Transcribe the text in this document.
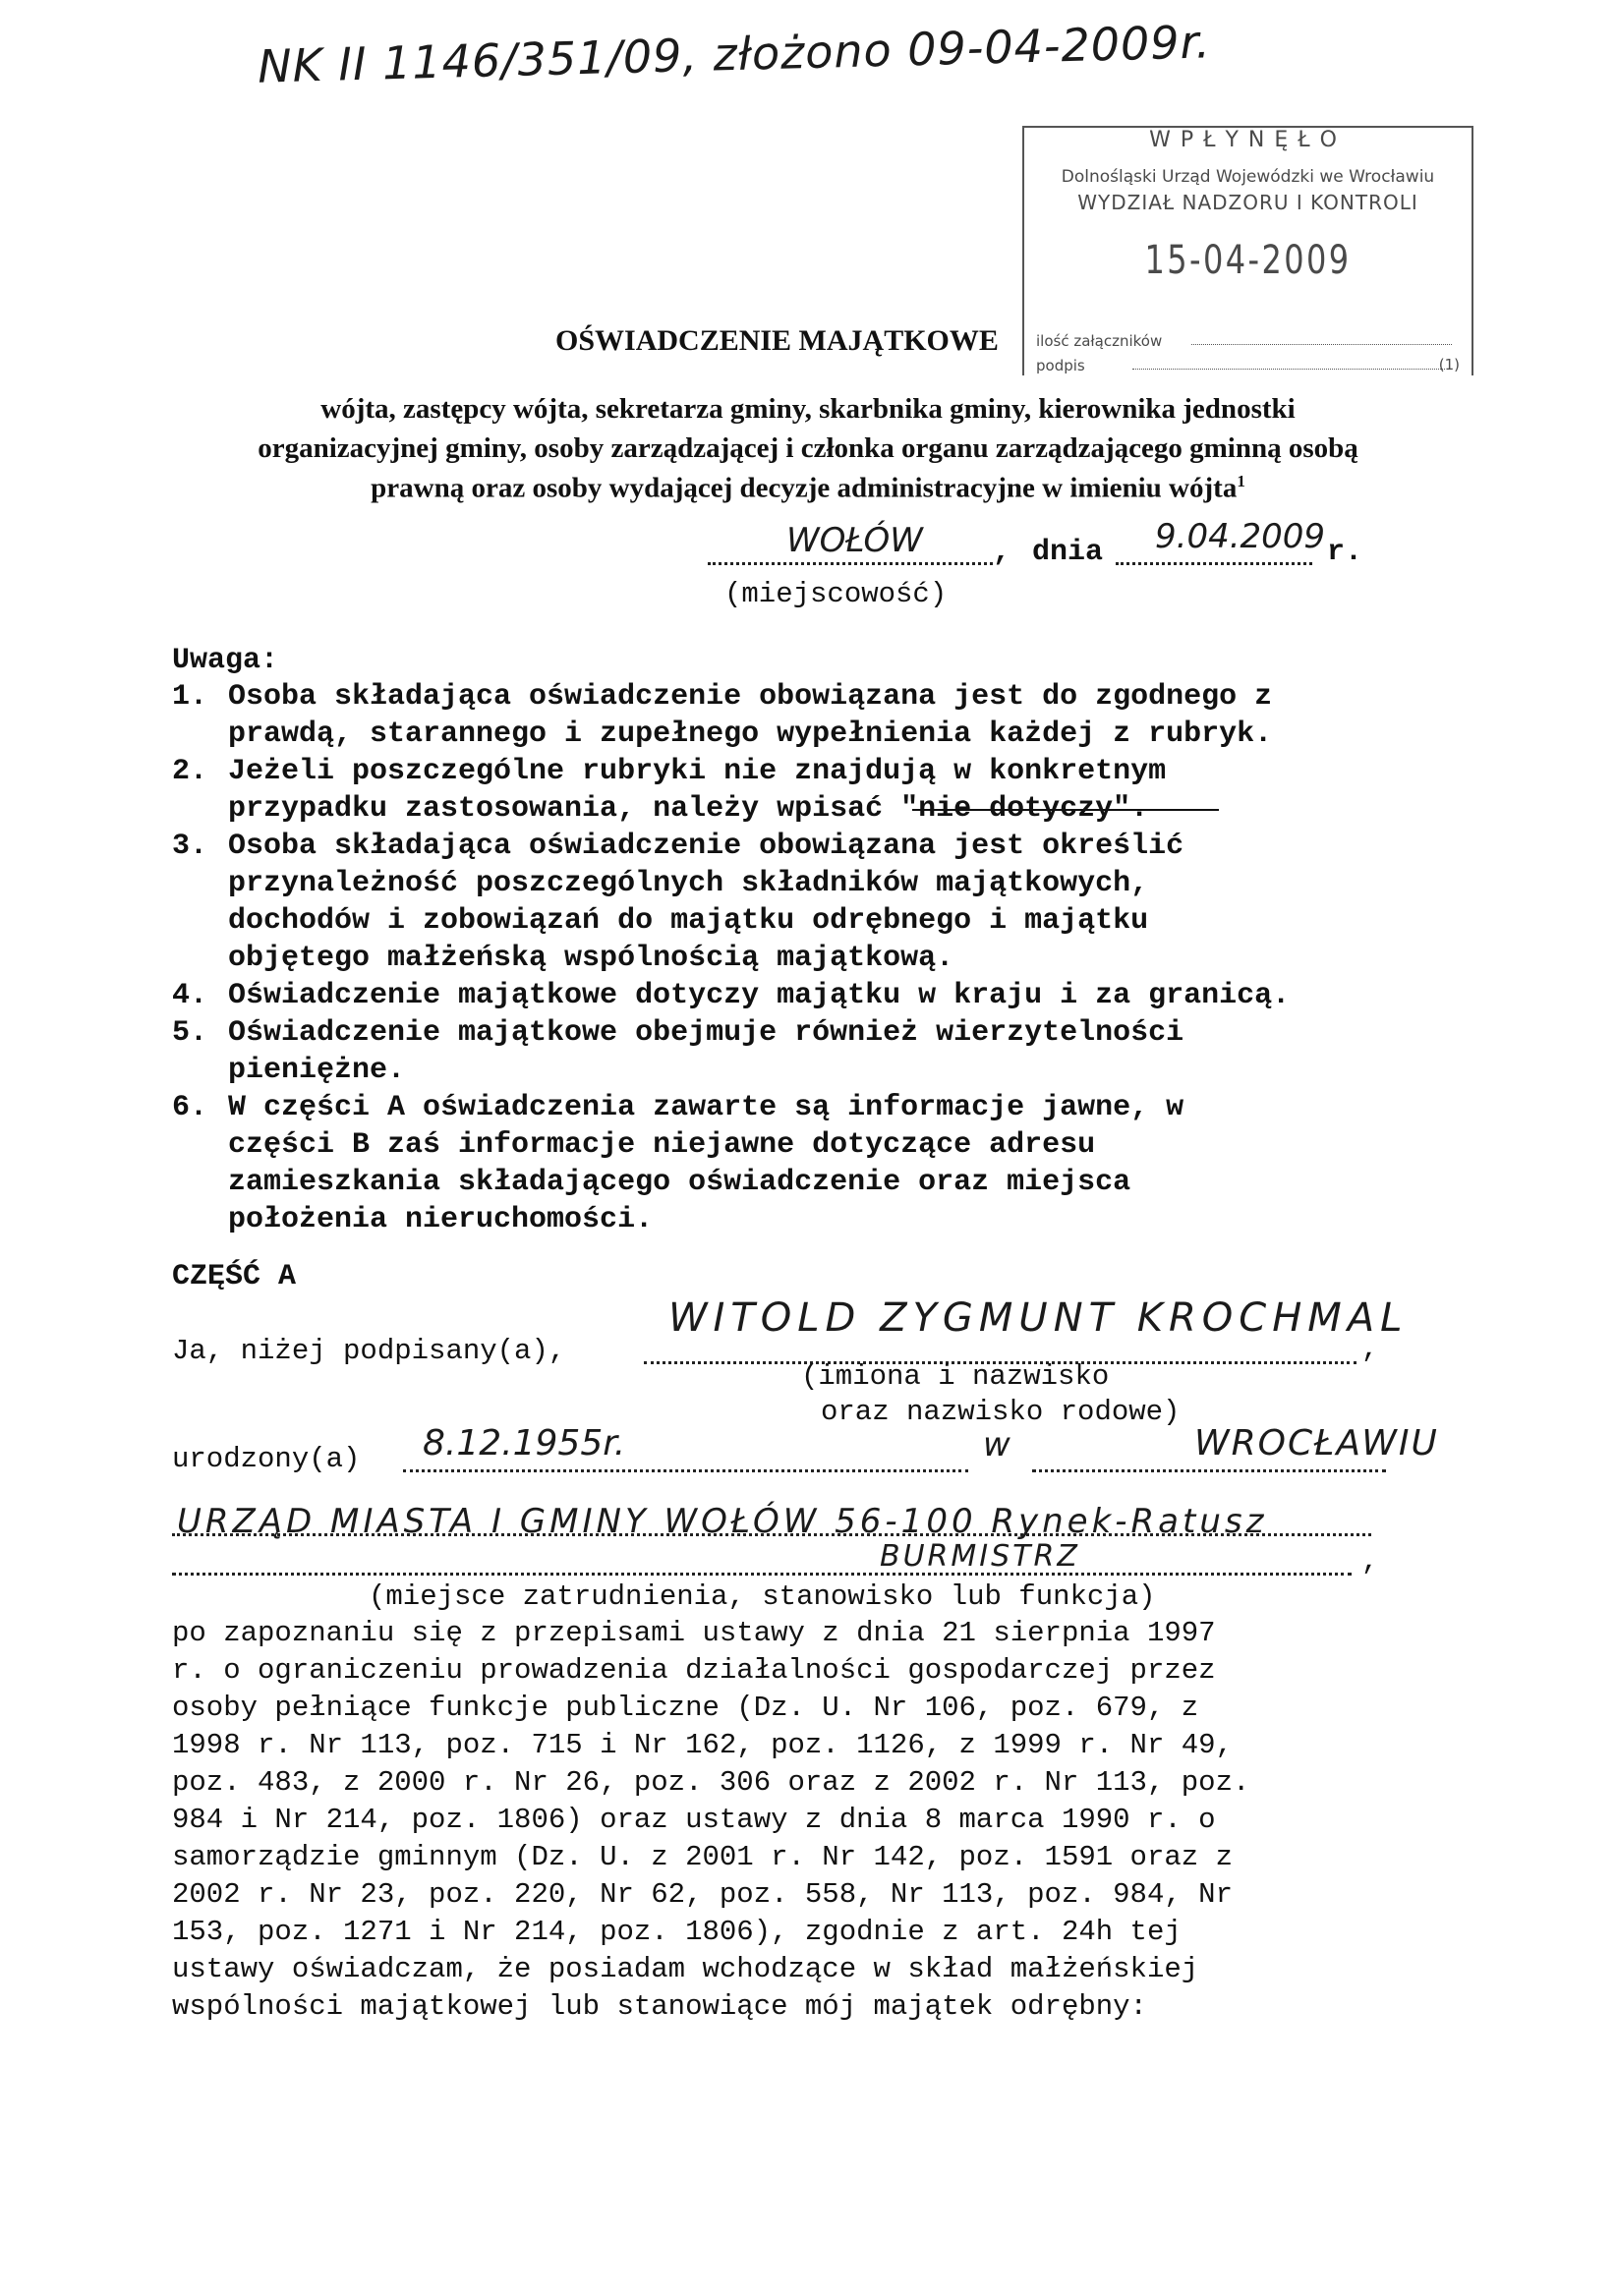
NK II 1146/351/09, złożono 09-04-2009r.
WPŁYNĘŁO
Dolnośląski Urząd Wojewódzki we Wrocławiu
WYDZIAŁ NADZORU I KONTROLI
15-04-2009
ilość załączników
podpis	(1)
OŚWIADCZENIE MAJĄTKOWE
wójta, zastępcy wójta, sekretarza gminy, skarbnika gminy, kierownika jednostki
organizacyjnej gminy, osoby zarządzającej i członka organu zarządzającego gminną osobą
prawną oraz osoby wydającej decyzje administracyjne w imieniu wójta$^1$
WOŁÓW , dnia 9.04.2009 r.
(miejscowość)
Uwaga:
1. Osoba składająca oświadczenie obowiązana jest do zgodnego z
prawdą, starannego i zupełnego wypełnienia każdej z rubryk.
2. Jeżeli poszczególne rubryki nie znajdują w konkretnym
przypadku zastosowania, należy wpisać "nie dotyczy".
3. Osoba składająca oświadczenie obowiązana jest określić
przynależność poszczególnych składników majątkowych,
dochodów i zobowiązań do majątku odrębnego i majątku
objętego małżeńską wspólnością majątkową.
4. Oświadczenie majątkowe dotyczy majątku w kraju i za granicą.
5. Oświadczenie majątkowe obejmuje również wierzytelności
pieniężne.
6. W części A oświadczenia zawarte są informacje jawne, w
części B zaś informacje niejawne dotyczące adresu
zamieszkania składającego oświadczenie oraz miejsca
położenia nieruchomości.
CZĘŚĆ A
Ja, niżej podpisany(a),	,
WITOLD ZYGMUNT KROCHMAL
(imiona i nazwisko
oraz nazwisko rodowe)
urodzony(a) 8.12.1955r.	w	WROCŁAWIU
URZĄD MIASTA I GMINY WOŁÓW 56-100 Rynek-Ratusz
,
BURMISTRZ
(miejsce zatrudnienia, stanowisko lub funkcja)
po zapoznaniu się z przepisami ustawy z dnia 21 sierpnia 1997
r. o ograniczeniu prowadzenia działalności gospodarczej przez
osoby pełniące funkcje publiczne (Dz. U. Nr 106, poz. 679, z
1998 r. Nr 113, poz. 715 i Nr 162, poz. 1126, z 1999 r. Nr 49,
poz. 483, z 2000 r. Nr 26, poz. 306 oraz z 2002 r. Nr 113, poz.
984 i Nr 214, poz. 1806) oraz ustawy z dnia 8 marca 1990 r. o
samorządzie gminnym (Dz. U. z 2001 r. Nr 142, poz. 1591 oraz z
2002 r. Nr 23, poz. 220, Nr 62, poz. 558, Nr 113, poz. 984, Nr
153, poz. 1271 i Nr 214, poz. 1806), zgodnie z art. 24h tej
ustawy oświadczam, że posiadam wchodzące w skład małżeńskiej
wspólności majątkowej lub stanowiące mój majątek odrębny:
